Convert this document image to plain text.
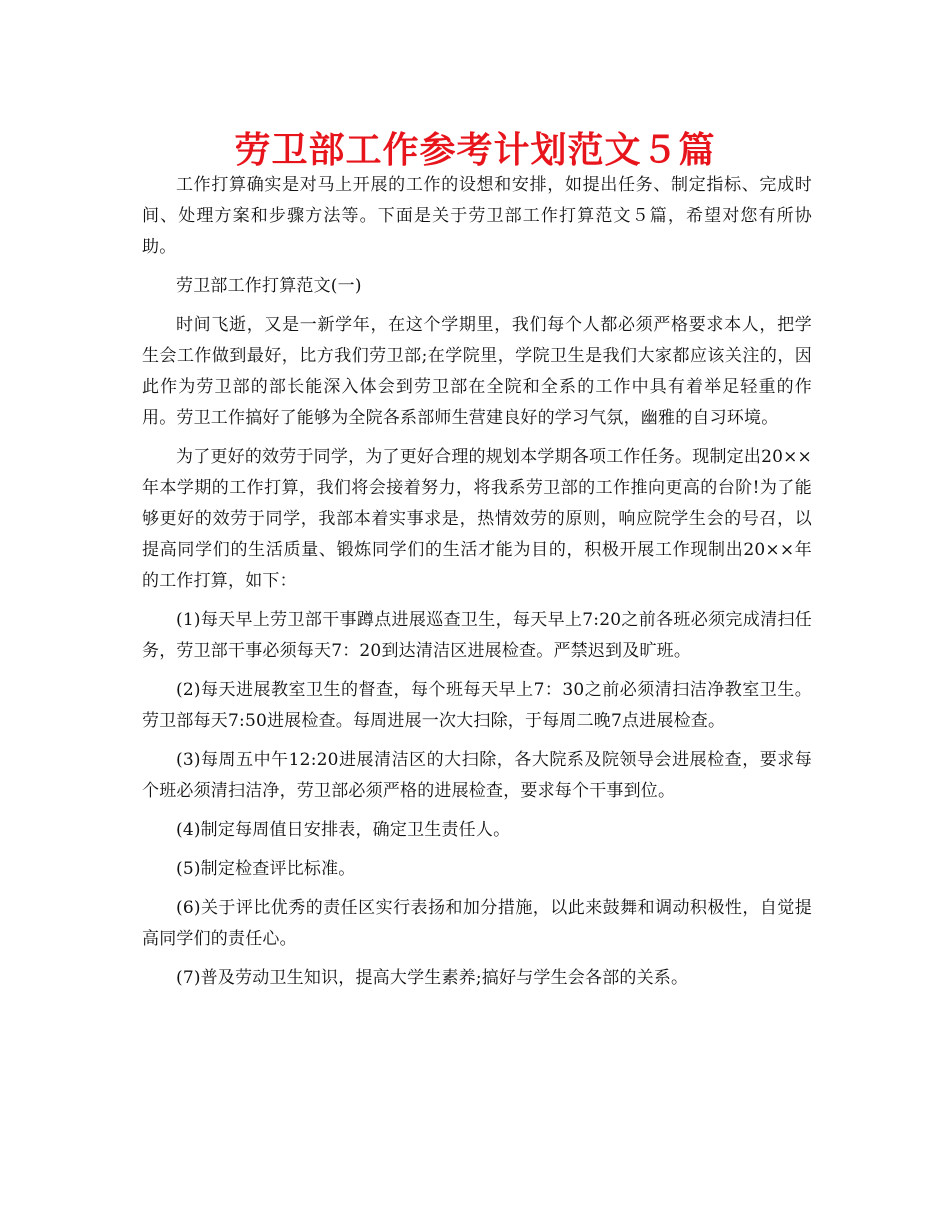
劳卫部工作参考计划范文５篇

工作打算确实是对马上开展的工作的设想和安排，如提出任务、制定指标、完成时间、处理方案和步骤方法等。下面是关于劳卫部工作打算范文５篇，希望对您有所协助。

劳卫部工作打算范文(一)

时间飞逝，又是一新学年，在这个学期里，我们每个人都必须严格要求本人，把学生会工作做到最好，比方我们劳卫部;在学院里，学院卫生是我们大家都应该关注的，因此作为劳卫部的部长能深入体会到劳卫部在全院和全系的工作中具有着举足轻重的作用。劳卫工作搞好了能够为全院各系部师生营建良好的学习气氛，幽雅的自习环境。

为了更好的效劳于同学，为了更好合理的规划本学期各项工作任务。现制定出20××年本学期的工作打算，我们将会接着努力，将我系劳卫部的工作推向更高的台阶!为了能够更好的效劳于同学，我部本着实事求是，热情效劳的原则，响应院学生会的号召，以提高同学们的生活质量、锻炼同学们的生活才能为目的，积极开展工作现制出20××年的工作打算，如下：

(1)每天早上劳卫部干事蹲点进展巡查卫生，每天早上7:20之前各班必须完成清扫任务，劳卫部干事必须每天7：20到达清洁区进展检查。严禁迟到及旷班。

(2)每天进展教室卫生的督查，每个班每天早上7：30之前必须清扫洁净教室卫生。劳卫部每天7:50进展检查。每周进展一次大扫除，于每周二晚7点进展检查。

(3)每周五中午12:20进展清洁区的大扫除，各大院系及院领导会进展检查，要求每个班必须清扫洁净，劳卫部必须严格的进展检查，要求每个干事到位。

(4)制定每周值日安排表，确定卫生责任人。

(5)制定检查评比标准。

(6)关于评比优秀的责任区实行表扬和加分措施，以此来鼓舞和调动积极性，自觉提高同学们的责任心。

(7)普及劳动卫生知识，提高大学生素养;搞好与学生会各部的关系。
